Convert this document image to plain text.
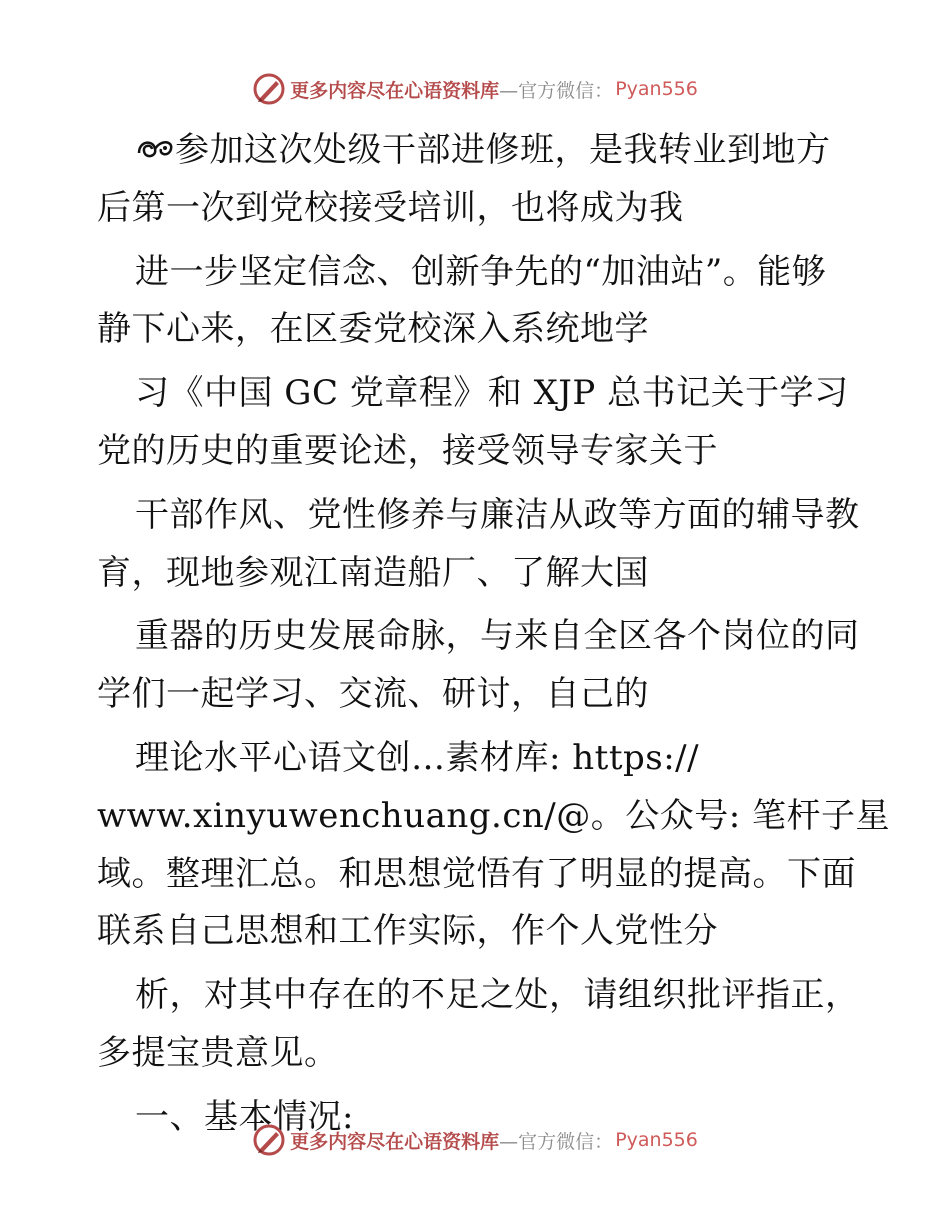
更多内容尽在心语资料库 —官方微信： Pyan556
参加这次处级干部进修班，是我转业到地方
后第一次到党校接受培训，也将成为我
进一步坚定信念、创新争先的“加油站”。能够
静下心来，在区委党校深入系统地学
习《中国 GC 党章程》和 XJP 总书记关于学习
党的历史的重要论述，接受领导专家关于
干部作风、党性修养与廉洁从政等方面的辅导教
育，现地参观江南造船厂、了解大国
重器的历史发展命脉，与来自全区各个岗位的同
学们一起学习、交流、研讨，自己的
理论水平心语文创…素材库: https://
www.xinyuwenchuang.cn/@。公众号: 笔杆子星
域。整理汇总。和思想觉悟有了明显的提高。下面
联系自己思想和工作实际，作个人党性分
析，对其中存在的不足之处，请组织批评指正，
多提宝贵意见。
一、基本情况:
更多内容尽在心语资料库 —官方微信： Pyan556
